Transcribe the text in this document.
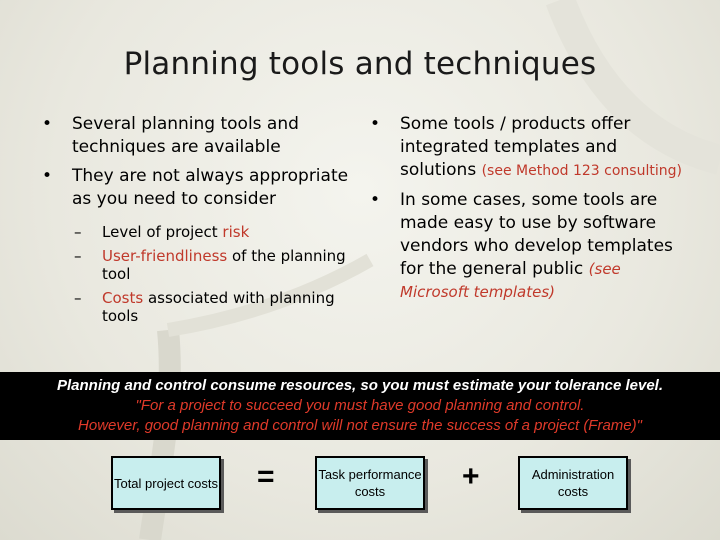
Planning tools and techniques
• Several planning tools and techniques are available
• They are not always appropriate as you need to consider
– Level of project risk
– User-friendliness of the planning tool
– Costs associated with planning tools
• Some tools / products offer integrated templates and solutions (see Method 123 consulting)
• In some cases, some tools are made easy to use by software vendors who develop templates for the general public (see Microsoft templates)
Planning and control consume resources, so you must estimate your tolerance level.
"For a project to succeed you must have good planning and control.
However, good planning and control will not ensure the success of a project (Frame)"
Total project costs =	Task performance costs	+	Administration costs
